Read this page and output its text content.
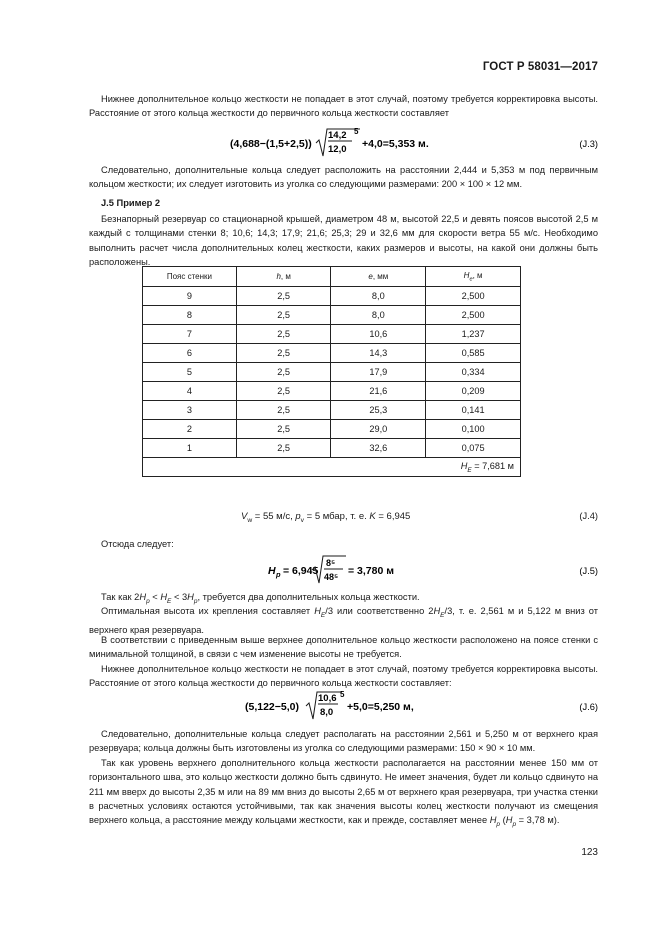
ГОСТ Р 58031—2017
Нижнее дополнительное кольцо жесткости не попадает в этот случай, поэтому требуется корректировка высоты. Расстояние от этого кольца жесткости до первичного кольца жесткости составляет
(4,688−(1,5+2,5))
14,2
12,0
5
+4,0=5,353 м.	(J.3)
Следовательно, дополнительные кольца следует расположить на расстоянии 2,444 и 5,353 м под первичным кольцом жесткости; их следует изготовить из уголка со следующими размерами: 200 × 100 × 12 мм.
J.5 Пример 2
Безнапорный резервуар со стационарной крышей, диаметром 48 м, высотой 22,5 и девять поясов высотой 2,5 м каждый с толщинами стенки 8; 10,6; 14,3; 17,9; 21,6; 25,3; 29 и 32,6 мм для скорости ветра 55 м/с. Необходимо выполнить расчет числа дополнительных колец жесткости, каких размеров и высоты, на какой они должны быть расположены.
Пояс стенки	h, м	e, мм	$H_e$, м
9	2,5	8,0	2,500
8	2,5	8,0	2,500
7	2,5	10,6	1,237
6	2,5	14,3	0,585
5	2,5	17,9	0,334
4	2,5	21,6	0,209
3	2,5	25,3	0,141
2	2,5	29,0	0,100
1	2,5	32,6	0,075
$H_E = 7,681$ м			
$V_w = 55$ м/с, $p_v = 5$ мбар, т. е. K = 6,945	(J.4)
Отсюда следует:
H p = 6,945
8⁵
48⁵ = 3,780 м	(J.5)
Так как $2H_p < H_E < 3H_p$, требуется два дополнительных кольца жесткости.
Оптимальная высота их крепления составляет $H_E/3$ или соответственно $2H_E/3$, т. е. 2,561 м и 5,122 м вниз от верхнего края резервуара.
В соответствии с приведенным выше верхнее дополнительное кольцо жесткости расположено на поясе стенки с минимальной толщиной, в связи с чем изменение высоты не требуется.
Нижнее дополнительное кольцо жесткости не попадает в этот случай, поэтому требуется корректировка высоты. Расстояние от этого кольца жесткости до первичного кольца жесткости составляет:
(5,122−5,0)
10,6
8,0
5
+5,0=5,250 м,	(J.6)
Следовательно, дополнительные кольца следует располагать на расстоянии 2,561 и 5,250 м от верхнего края резервуара; кольца должны быть изготовлены из уголка со следующими размерами: 150 × 90 × 10 мм.
Так как уровень верхнего дополнительного кольца жесткости располагается на расстоянии менее 150 мм от горизонтального шва, это кольцо жесткости должно быть сдвинуто. Не имеет значения, будет ли кольцо сдвинуто на 211 мм вверх до высоты 2,35 м или на 89 мм вниз до высоты 2,65 м от верхнего края резервуара, три участка стенки в расчетных условиях остаются устойчивыми, так как значения высоты колец жесткости получают из смещения верхнего кольца, а расстояние между кольцами жесткости, как и прежде, составляет менее $H_p$ ($H_p = 3,78$ м).
123
